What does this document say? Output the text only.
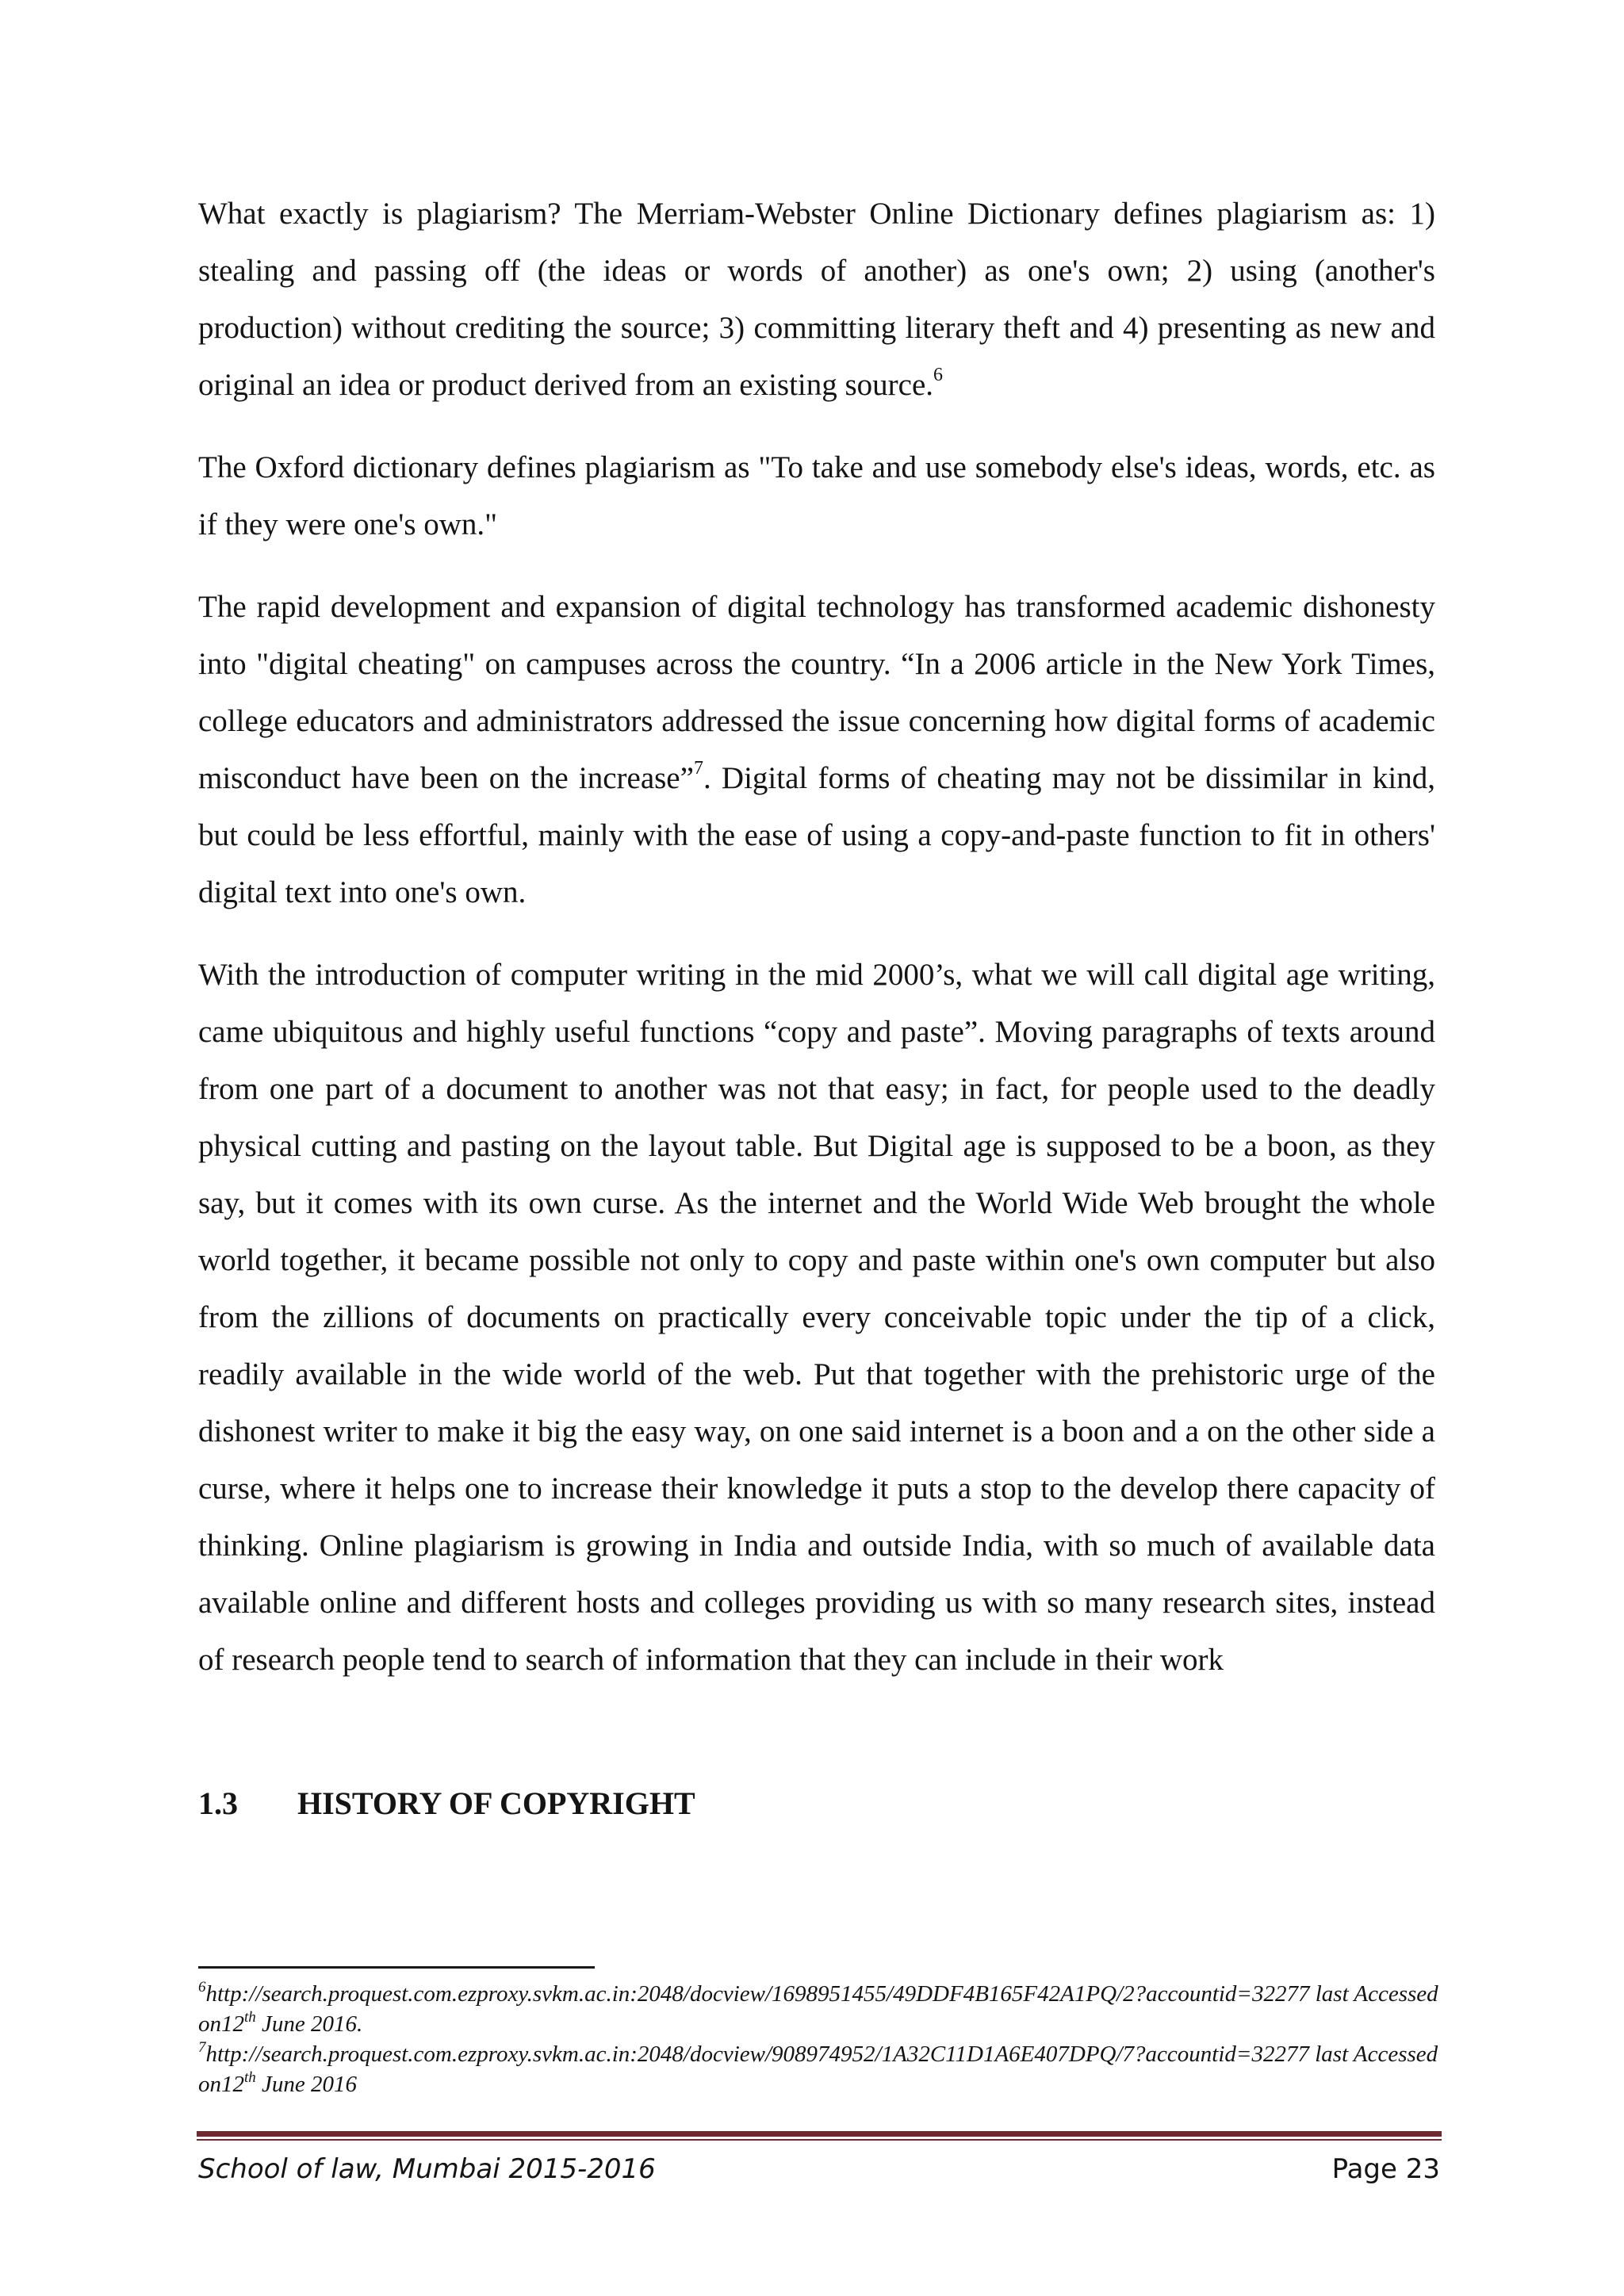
What exactly is plagiarism? The Merriam-Webster Online Dictionary defines plagiarism as: 1) stealing and passing off (the ideas or words of another) as one's own; 2) using (another's production) without crediting the source; 3) committing literary theft and 4) presenting as new and original an idea or product derived from an existing source.$^6$

The Oxford dictionary defines plagiarism as "To take and use somebody else's ideas, words, etc. as if they were one's own."

The rapid development and expansion of digital technology has transformed academic dishonesty into "digital cheating" on campuses across the country. “In a 2006 article in the New York Times, college educators and administrators addressed the issue concerning how digital forms of academic misconduct have been on the increase”$^7$. Digital forms of cheating may not be dissimilar in kind, but could be less effortful, mainly with the ease of using a copy-and-paste function to fit in others' digital text into one's own.

With the introduction of computer writing in the mid 2000’s, what we will call digital age writing, came ubiquitous and highly useful functions “copy and paste”. Moving paragraphs of texts around from one part of a document to another was not that easy; in fact, for people used to the deadly physical cutting and pasting on the layout table. But Digital age is supposed to be a boon, as they say, but it comes with its own curse. As the internet and the World Wide Web brought the whole world together, it became possible not only to copy and paste within one's own computer but also from the zillions of documents on practically every conceivable topic under the tip of a click, readily available in the wide world of the web. Put that together with the prehistoric urge of the dishonest writer to make it big the easy way, on one said internet is a boon and a on the other side a curse, where it helps one to increase their knowledge it puts a stop to the develop there capacity of thinking. Online plagiarism is growing in India and outside India, with so much of available data available online and different hosts and colleges providing us with so many research sites, instead of research people tend to search of information that they can include in their work

1.3 HISTORY OF COPYRIGHT

$^6$http://search.proquest.com.ezproxy.svkm.ac.in:2048/docview/1698951455/49DDF4B165F42A1PQ/2?accountid=32277 last Accessed on12th June 2016.

$^7$http://search.proquest.com.ezproxy.svkm.ac.in:2048/docview/908974952/1A32C11D1A6E407DPQ/7?accountid=32277 last Accessed on12th June 2016

School of law, Mumbai 2015-2016	Page 23
